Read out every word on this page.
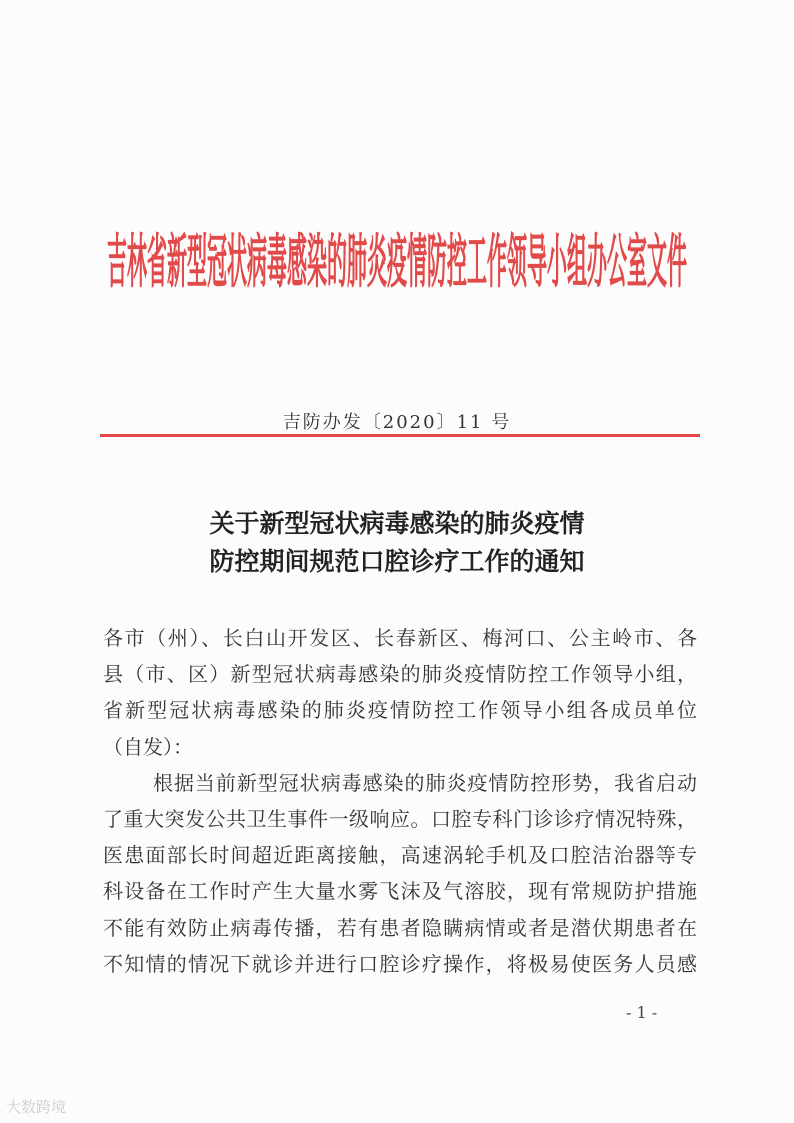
吉林省新型冠状病毒感染的肺炎疫情防控工作领导小组办公室文件
吉防办发〔2020〕11 号
关于新型冠状病毒感染的肺炎疫情
防控期间规范口腔诊疗工作的通知
各市（州）、长白山开发区、长春新区、梅河口、公主岭市、各
县（市、区）新型冠状病毒感染的肺炎疫情防控工作领导小组，
省新型冠状病毒感染的肺炎疫情防控工作领导小组各成员单位
（自发）：
根据当前新型冠状病毒感染的肺炎疫情防控形势，我省启动
了重大突发公共卫生事件一级响应。口腔专科门诊诊疗情况特殊，
医患面部长时间超近距离接触，高速涡轮手机及口腔洁治器等专
科设备在工作时产生大量水雾飞沫及气溶胶，现有常规防护措施
不能有效防止病毒传播，若有患者隐瞒病情或者是潜伏期患者在
不知情的情况下就诊并进行口腔诊疗操作，将极易使医务人员感
- 1 -
大数跨境
